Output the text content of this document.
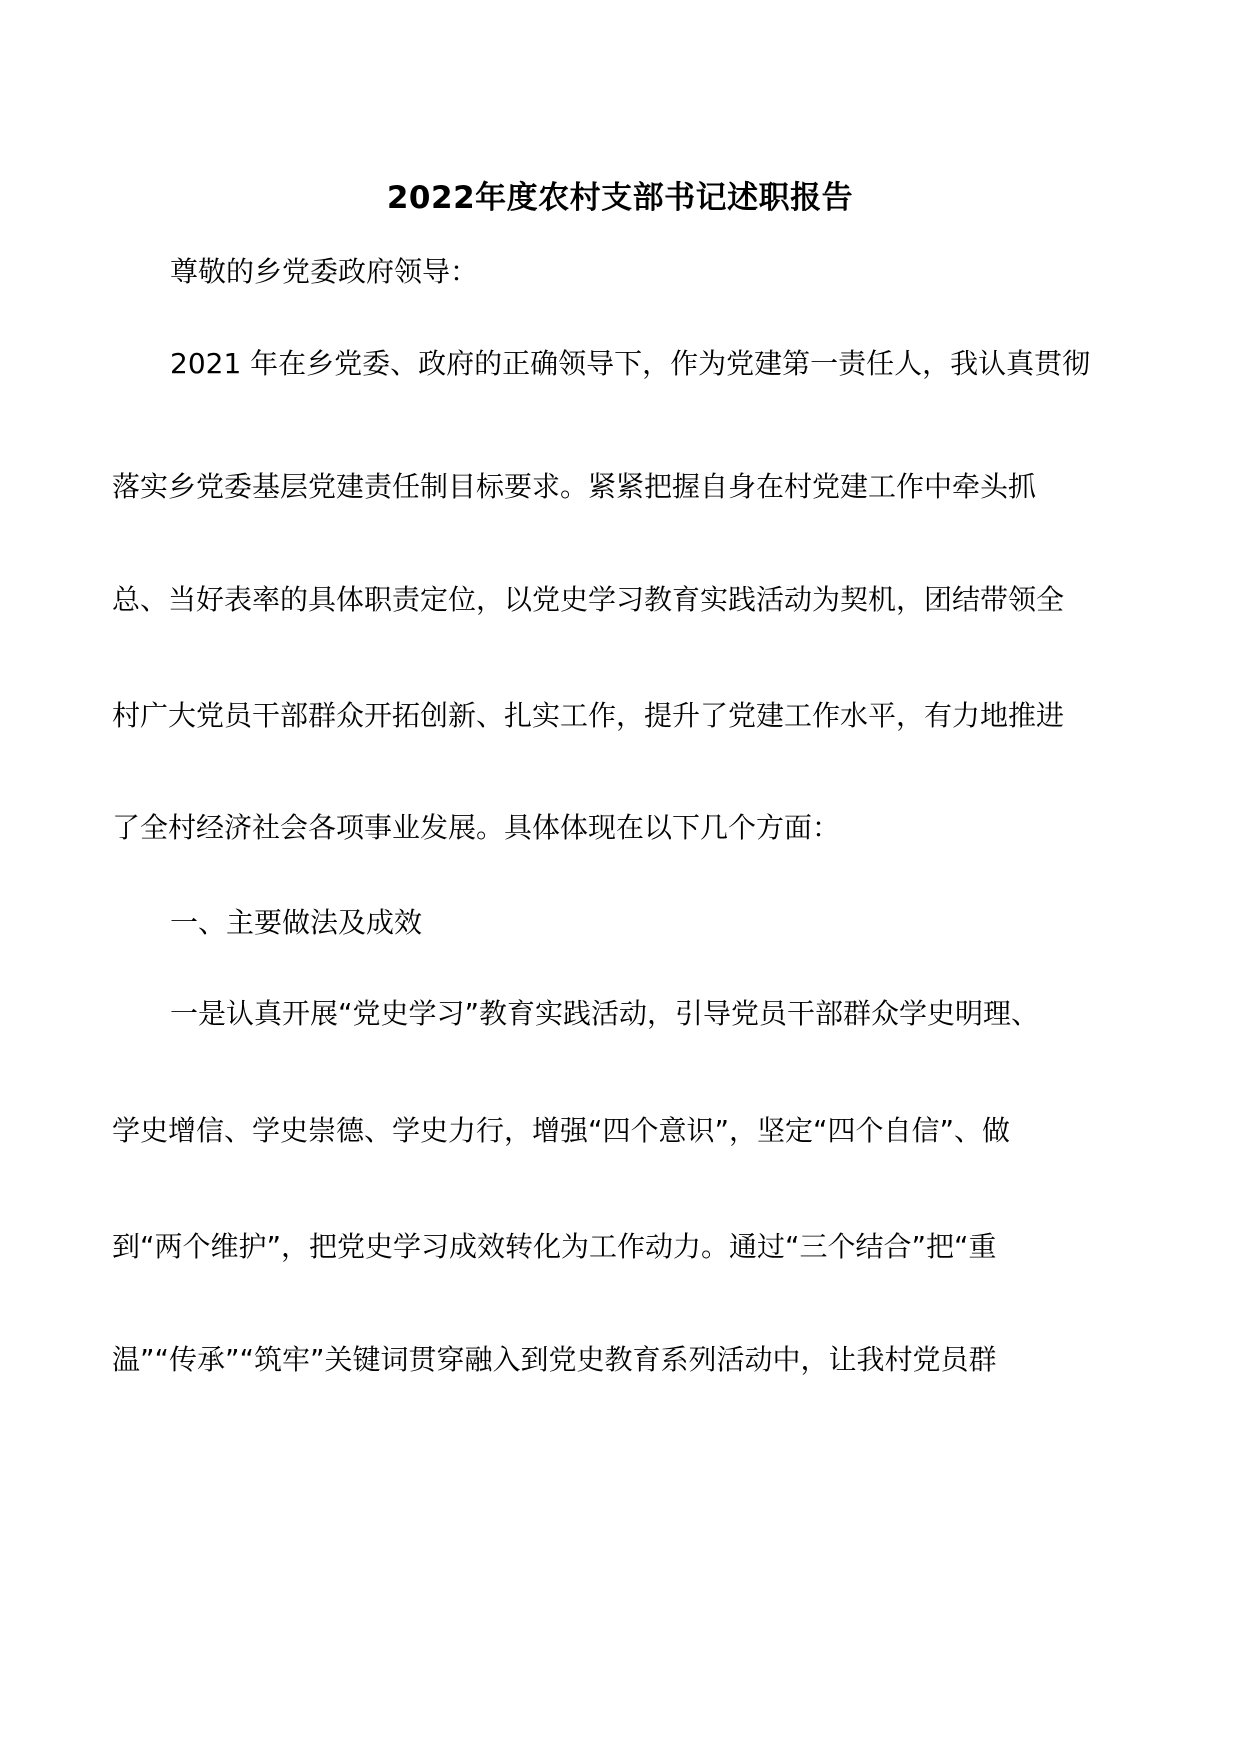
2022年度农村支部书记述职报告
尊敬的乡党委政府领导：
2021 年在乡党委、政府的正确领导下，作为党建第一责任人，我认真贯彻
落实乡党委基层党建责任制目标要求。紧紧把握自身在村党建工作中牵头抓
总、当好表率的具体职责定位，以党史学习教育实践活动为契机，团结带领全
村广大党员干部群众开拓创新、扎实工作，提升了党建工作水平，有力地推进
了全村经济社会各项事业发展。具体体现在以下几个方面：
一、主要做法及成效
一是认真开展“党史学习”教育实践活动，引导党员干部群众学史明理、
学史增信、学史崇德、学史力行，增强“四个意识”，坚定“四个自信”、做
到“两个维护”，把党史学习成效转化为工作动力。通过“三个结合”把“重
温”“传承”“筑牢”关键词贯穿融入到党史教育系列活动中，让我村党员群
